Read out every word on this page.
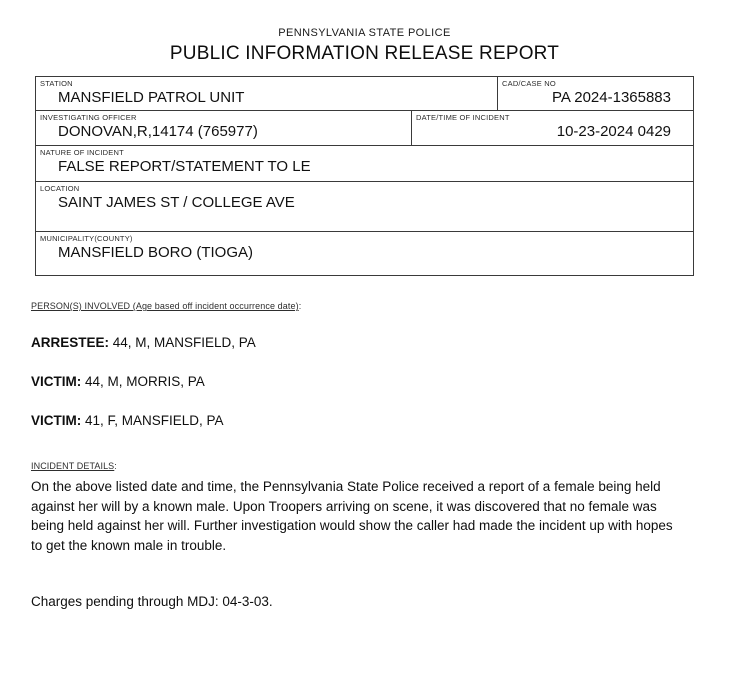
PENNSYLVANIA STATE POLICE
PUBLIC INFORMATION RELEASE REPORT
STATION
MANSFIELD PATROL UNIT
CAD/CASE NO
PA 2024-1365883
INVESTIGATING OFFICER
DONOVAN,R,14174 (765977)
DATE/TIME OF INCIDENT
10-23-2024 0429
NATURE OF INCIDENT
FALSE REPORT/STATEMENT TO LE
LOCATION
SAINT JAMES ST / COLLEGE AVE
MUNICIPALITY(COUNTY)
MANSFIELD BORO (TIOGA)

PERSON(S) INVOLVED (Age based off incident occurrence date):

ARRESTEE: 44, M, MANSFIELD, PA
VICTIM: 44, M, MORRIS, PA
VICTIM: 41, F, MANSFIELD, PA

INCIDENT DETAILS:

On the above listed date and time, the Pennsylvania State Police received a report of a female being held against her will by a known male. Upon Troopers arriving on scene, it was discovered that no female was being held against her will. Further investigation would show the caller had made the incident up with hopes to get the known male in trouble.

Charges pending through MDJ: 04-3-03.
